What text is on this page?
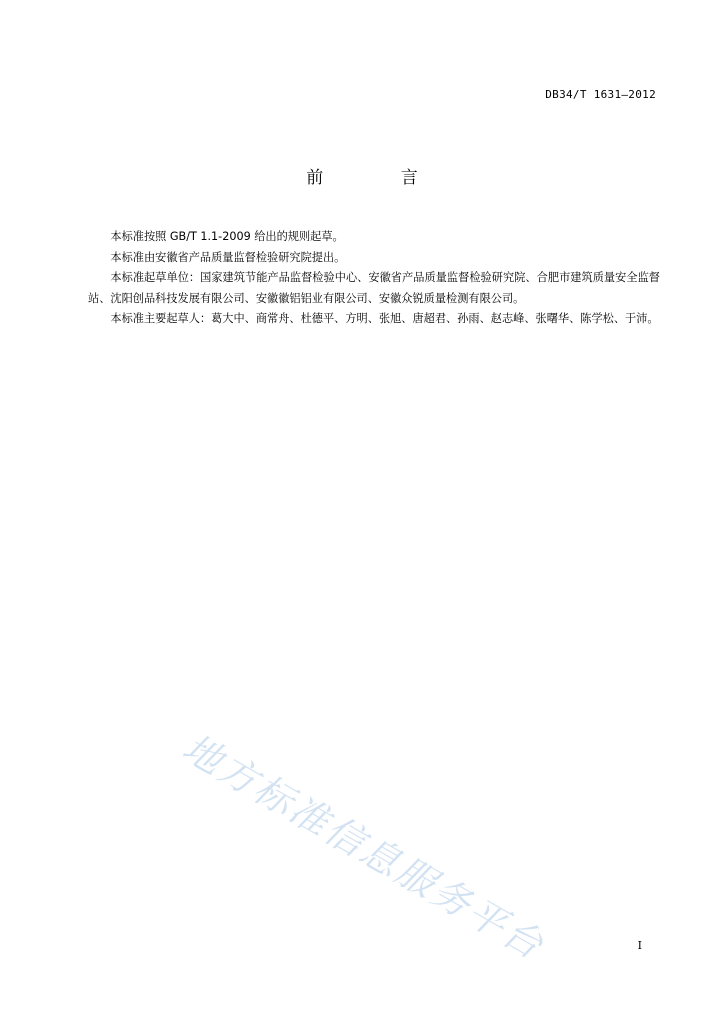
DB34/T 1631—2012
前 言

本标准按照 GB/T 1.1-2009 给出的规则起草。

本标准由安徽省产品质量监督检验研究院提出。

本标准起草单位：国家建筑节能产品监督检验中心、安徽省产品质量监督检验研究院、合肥市建筑质量安全监督站、沈阳创品科技发展有限公司、安徽徽铝铝业有限公司、安徽众锐质量检测有限公司。

本标准主要起草人：葛大中、商常舟、杜德平、方明、张旭、唐超君、孙雨、赵志峰、张曙华、陈学松、于沛。

地方标准信息服务平台	I
